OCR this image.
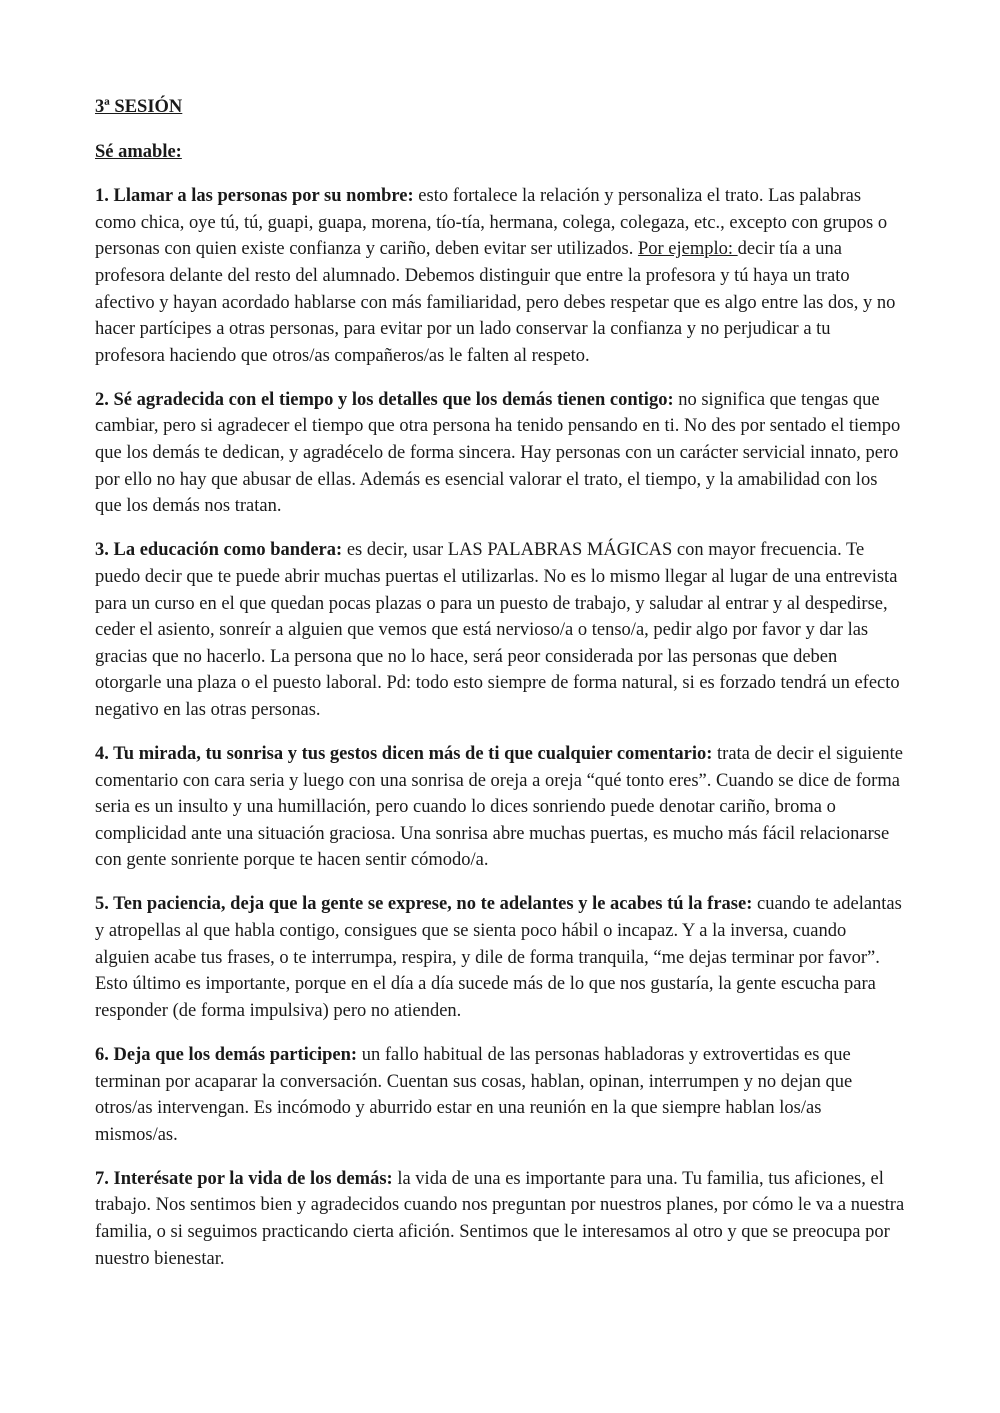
3ª SESIÓN

Sé amable:

1. Llamar a las personas por su nombre: esto fortalece la relación y personaliza el trato. Las palabras como chica, oye tú, tú, guapi, guapa, morena, tío-tía, hermana, colega, colegaza, etc., excepto con grupos o personas con quien existe confianza y cariño, deben evitar ser utilizados. Por ejemplo: decir tía a una profesora delante del resto del alumnado. Debemos distinguir que entre la profesora y tú haya un trato afectivo y hayan acordado hablarse con más familiaridad, pero debes respetar que es algo entre las dos, y no hacer partícipes a otras personas, para evitar por un lado conservar la confianza y no perjudicar a tu profesora haciendo que otros/as compañeros/as le falten al respeto.

2. Sé agradecida con el tiempo y los detalles que los demás tienen contigo: no significa que tengas que cambiar, pero si agradecer el tiempo que otra persona ha tenido pensando en ti. No des por sentado el tiempo que los demás te dedican, y agradécelo de forma sincera. Hay personas con un carácter servicial innato, pero por ello no hay que abusar de ellas. Además es esencial valorar el trato, el tiempo, y la amabilidad con los que los demás nos tratan.

3. La educación como bandera: es decir, usar LAS PALABRAS MÁGICAS con mayor frecuencia. Te puedo decir que te puede abrir muchas puertas el utilizarlas. No es lo mismo llegar al lugar de una entrevista para un curso en el que quedan pocas plazas o para un puesto de trabajo, y saludar al entrar y al despedirse, ceder el asiento, sonreír a alguien que vemos que está nervioso/a o tenso/a, pedir algo por favor y dar las gracias que no hacerlo. La persona que no lo hace, será peor considerada por las personas que deben otorgarle una plaza o el puesto laboral. Pd: todo esto siempre de forma natural, si es forzado tendrá un efecto negativo en las otras personas.

4. Tu mirada, tu sonrisa y tus gestos dicen más de ti que cualquier comentario: trata de decir el siguiente comentario con cara seria y luego con una sonrisa de oreja a oreja “qué tonto eres”. Cuando se dice de forma seria es un insulto y una humillación, pero cuando lo dices sonriendo puede denotar cariño, broma o complicidad ante una situación graciosa. Una sonrisa abre muchas puertas, es mucho más fácil relacionarse con gente sonriente porque te hacen sentir cómodo/a.

5. Ten paciencia, deja que la gente se exprese, no te adelantes y le acabes tú la frase: cuando te adelantas y atropellas al que habla contigo, consigues que se sienta poco hábil o incapaz. Y a la inversa, cuando alguien acabe tus frases, o te interrumpa, respira, y dile de forma tranquila, “me dejas terminar por favor”. Esto último es importante, porque en el día a día sucede más de lo que nos gustaría, la gente escucha para responder (de forma impulsiva) pero no atienden.

6. Deja que los demás participen: un fallo habitual de las personas habladoras y extrovertidas es que terminan por acaparar la conversación. Cuentan sus cosas, hablan, opinan, interrumpen y no dejan que otros/as intervengan. Es incómodo y aburrido estar en una reunión en la que siempre hablan los/as mismos/as.

7. Interésate por la vida de los demás: la vida de una es importante para una. Tu familia, tus aficiones, el trabajo. Nos sentimos bien y agradecidos cuando nos preguntan por nuestros planes, por cómo le va a nuestra familia, o si seguimos practicando cierta afición. Sentimos que le interesamos al otro y que se preocupa por nuestro bienestar.
